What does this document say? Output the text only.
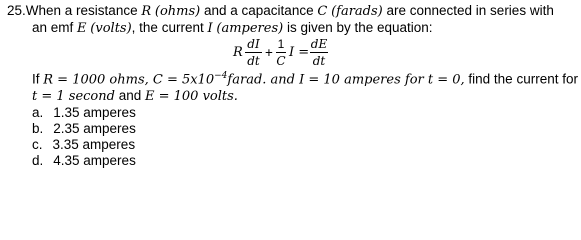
25.When a resistance R (ohms) and a capacitance C (farads) are connected in series with
an emf E (volts), the current I (amperes) is given by the equation:
R
dI
dt
+
1
C
I =
dE
dt
If R = 1000 ohms, $C = 5x10^{-4}farad$. and I = 10 amperes for t = 0, find the current for
t = 1 second and E = 100 volts.
a. 1.35 amperes
b. 2.35 amperes
c. 3.35 amperes
d. 4.35 amperes
